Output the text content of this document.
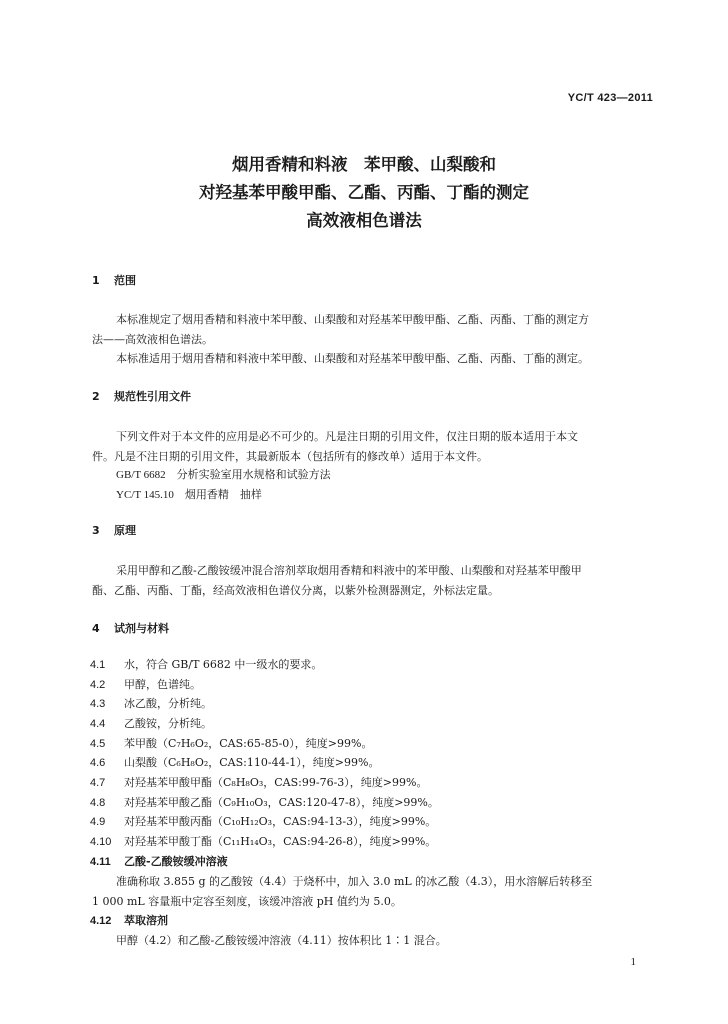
YC/T 423—2011
烟用香精和料液　苯甲酸、山梨酸和
对羟基苯甲酸甲酯、乙酯、丙酯、丁酯的测定
高效液相色谱法
1 范围
本标准规定了烟用香精和料液中苯甲酸、山梨酸和对羟基苯甲酸甲酯、乙酯、丙酯、丁酯的测定方
法——高效液相色谱法。
本标准适用于烟用香精和料液中苯甲酸、山梨酸和对羟基苯甲酸甲酯、乙酯、丙酯、丁酯的测定。
2 规范性引用文件
下列文件对于本文件的应用是必不可少的。凡是注日期的引用文件，仅注日期的版本适用于本文
件。凡是不注日期的引用文件，其最新版本（包括所有的修改单）适用于本文件。
GB/T 6682　分析实验室用水规格和试验方法
YC/T 145.10　烟用香精　抽样
3 原理
采用甲醇和乙酸-乙酸铵缓冲混合溶剂萃取烟用香精和料液中的苯甲酸、山梨酸和对羟基苯甲酸甲
酯、乙酯、丙酯、丁酯，经高效液相色谱仪分离，以紫外检测器测定，外标法定量。
4 试剂与材料
4.1 水，符合 GB/T 6682 中一级水的要求。
4.2 甲醇，色谱纯。
4.3 冰乙酸，分析纯。
4.4 乙酸铵，分析纯。
4.5 苯甲酸（C₇H₆O₂，CAS:65-85-0），纯度>99%。
4.6 山梨酸（C₆H₈O₂，CAS:110-44-1），纯度>99%。
4.7 对羟基苯甲酸甲酯（C₈H₈O₃，CAS:99-76-3），纯度>99%。
4.8 对羟基苯甲酸乙酯（C₉H₁₀O₃，CAS:120-47-8），纯度>99%。
4.9 对羟基苯甲酸丙酯（C₁₀H₁₂O₃，CAS:94-13-3），纯度>99%。
4.10 对羟基苯甲酸丁酯（C₁₁H₁₄O₃，CAS:94-26-8），纯度>99%。
4.11 乙酸-乙酸铵缓冲溶液
准确称取 3.855 g 的乙酸铵（4.4）于烧杯中，加入 3.0 mL 的冰乙酸（4.3），用水溶解后转移至
1 000 mL 容量瓶中定容至刻度，该缓冲溶液 pH 值约为 5.0。
4.12 萃取溶剂
甲醇（4.2）和乙酸-乙酸铵缓冲溶液（4.11）按体积比 1∶1 混合。
1
